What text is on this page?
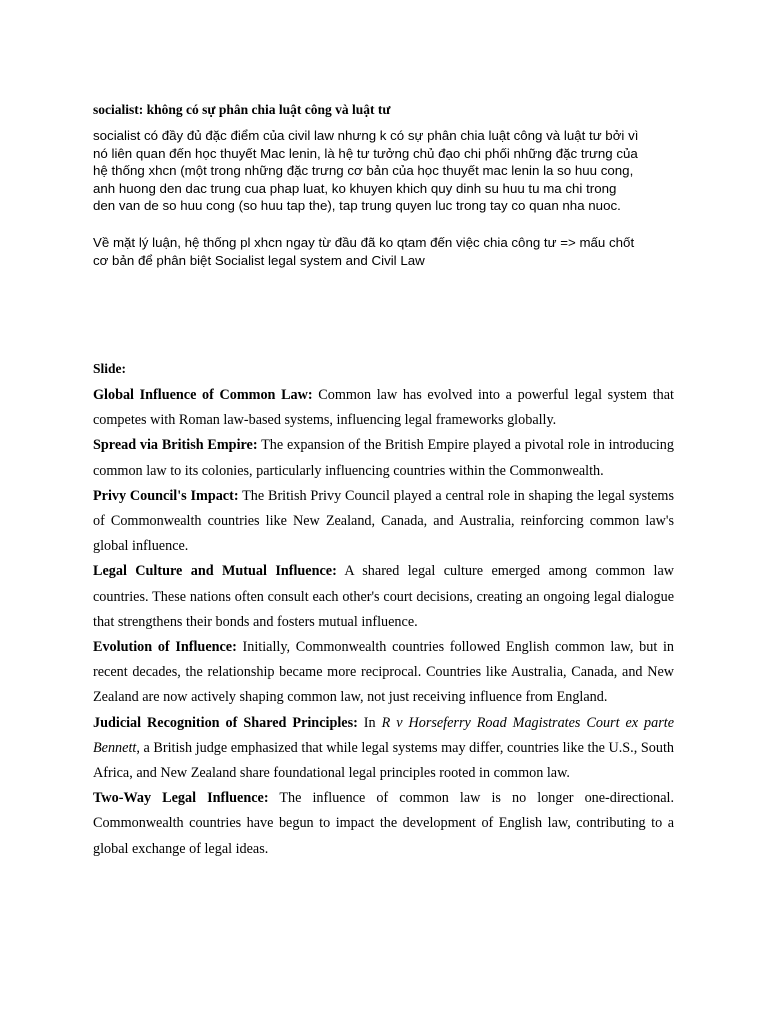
socialist: không có sự phân chia luật công và luật tư
socialist có đầy đủ đặc điểm của civil law nhưng k có sự phân chia luật công và luật tư bởi vì
nó liên quan đến học thuyết Mac lenin, là hệ tư tưởng chủ đạo chi phối những đặc trưng của
hệ thống xhcn (một trong những đặc trưng cơ bản của học thuyết mac lenin la so huu cong,
anh huong den dac trung cua phap luat, ko khuyen khich quy dinh su huu tu ma chi trong
den van de so huu cong (so huu tap the), tap trung quyen luc trong tay co quan nha nuoc.
Về mặt lý luận, hệ thống pl xhcn ngay từ đầu đã ko qtam đến việc chia công tư => mấu chốt
cơ bản để phân biệt Socialist legal system and Civil Law
Slide:

Global Influence of Common Law: Common law has evolved into a powerful legal system that competes with Roman law-based systems, influencing legal frameworks globally.

Spread via British Empire: The expansion of the British Empire played a pivotal role in introducing common law to its colonies, particularly influencing countries within the Commonwealth.

Privy Council's Impact: The British Privy Council played a central role in shaping the legal systems of Commonwealth countries like New Zealand, Canada, and Australia, reinforcing common law's global influence.

Legal Culture and Mutual Influence: A shared legal culture emerged among common law countries. These nations often consult each other's court decisions, creating an ongoing legal dialogue that strengthens their bonds and fosters mutual influence.

Evolution of Influence: Initially, Commonwealth countries followed English common law, but in recent decades, the relationship became more reciprocal. Countries like Australia, Canada, and New Zealand are now actively shaping common law, not just receiving influence from England.

Judicial Recognition of Shared Principles: In R v Horseferry Road Magistrates Court ex parte Bennett, a British judge emphasized that while legal systems may differ, countries like the U.S., South Africa, and New Zealand share foundational legal principles rooted in common law.

Two-Way Legal Influence: The influence of common law is no longer one-directional. Commonwealth countries have begun to impact the development of English law, contributing to a global exchange of legal ideas.
